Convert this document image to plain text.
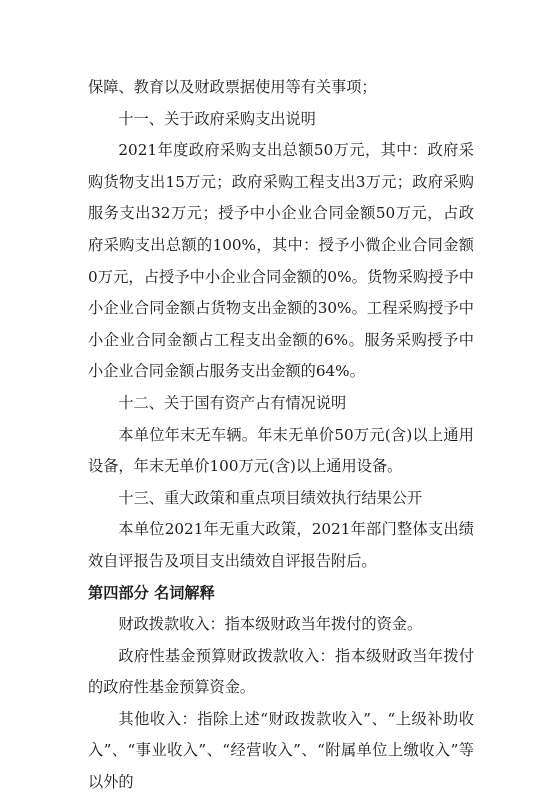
保障、教育以及财政票据使用等有关事项；

十一、关于政府采购支出说明

2021年度政府采购支出总额50万元，其中：政府采购货物支出15万元；政府采购工程支出3万元；政府采购服务支出32万元；授予中小企业合同金额50万元，占政府采购支出总额的100%，其中：授予小微企业合同金额0万元，占授予中小企业合同金额的0%。货物采购授予中小企业合同金额占货物支出金额的30%。工程采购授予中小企业合同金额占工程支出金额的6%。服务采购授予中小企业合同金额占服务支出金额的64%。

十二、关于国有资产占有情况说明

本单位年末无车辆。年末无单价50万元(含)以上通用设备，年末无单价100万元(含)以上通用设备。

十三、重大政策和重点项目绩效执行结果公开

本单位2021年无重大政策，2021年部门整体支出绩效自评报告及项目支出绩效自评报告附后。

第四部分 名词解释

财政拨款收入：指本级财政当年拨付的资金。

政府性基金预算财政拨款收入：指本级财政当年拨付的政府性基金预算资金。

其他收入：指除上述“财政拨款收入”、“上级补助收入”、“事业收入”、“经营收入”、“附属单位上缴收入”等以外的
